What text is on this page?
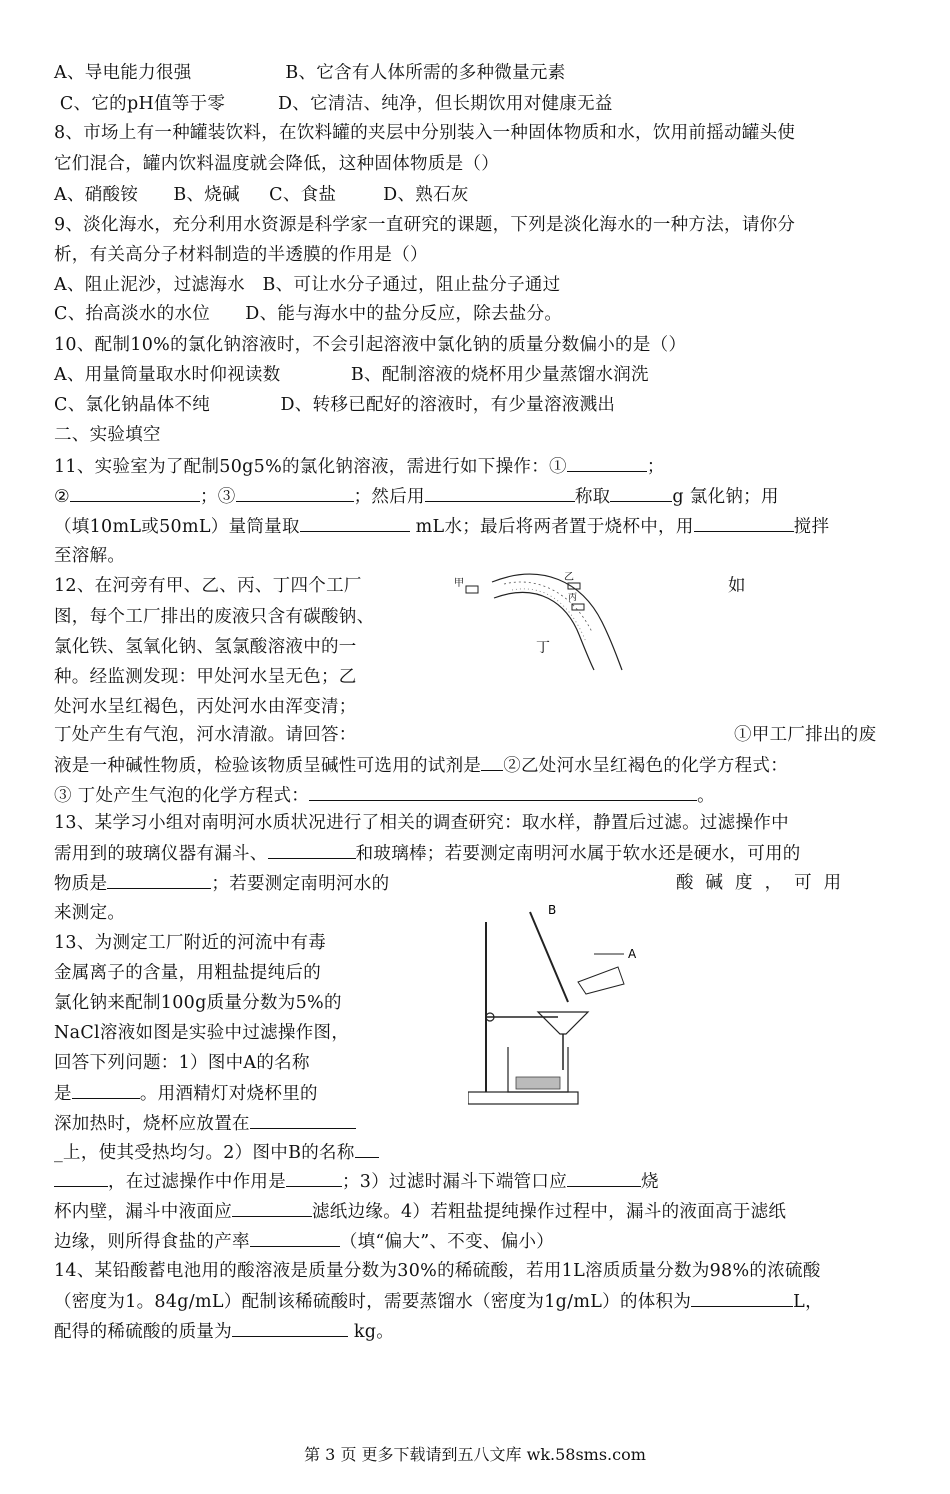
A、导电能力很强                B、它含有人体所需的多种微量元素
C、它的pH值等于零         D、它清洁、纯净，但长期饮用对健康无益
8、市场上有一种罐装饮料，在饮料罐的夹层中分别装入一种固体物质和水，饮用前摇动罐头使
它们混合，罐内饮料温度就会降低，这种固体物质是（）
A、硝酸铵      B、烧碱     C、食盐        D、熟石灰
9、淡化海水，充分利用水资源是科学家一直研究的课题，下列是淡化海水的一种方法，请你分
析，有关高分子材料制造的半透膜的作用是（）
A、阻止泥沙，过滤海水   B、可让水分子通过，阻止盐分子通过
C、抬高淡水的水位      D、能与海水中的盐分反应，除去盐分。
10、配制10%的氯化钠溶液时，不会引起溶液中氯化钠的质量分数偏小的是（）
A、用量筒量取水时仰视读数            B、配制溶液的烧杯用少量蒸馏水润洗
C、氯化钠晶体不纯            D、转移已配好的溶液时，有少量溶液溅出
二、实验填空
11、实验室为了配制50g5%的氯化钠溶液，需进行如下操作：①	；
②	；③	；然后用	称取	g 氯化钠；用
（填10mL或50mL）量筒量取	mL水；最后将两者置于烧杯中，用	搅拌
至溶解。
12、在河旁有甲、乙、丙、丁四个工厂	如
图，每个工厂排出的废液只含有碳酸钠、
氯化铁、氢氧化钠、氢氯酸溶液中的一
种。经监测发现：甲处河水呈无色；乙
处河水呈红褐色，丙处河水由浑变清；
丁处产生有气泡，河水清澈。请回答：	①甲工厂排出的废
液是一种碱性物质，检验该物质呈碱性可选用的试剂是 ②乙处河水呈红褐色的化学方程式：
③ 丁处产生气泡的化学方程式：	。
13、某学习小组对南明河水质状况进行了相关的调查研究：取水样，静置后过滤。过滤操作中
需用到的玻璃仪器有漏斗、	和玻璃棒；若要测定南明河水属于软水还是硬水，可用的
物质是	；若要测定南明河水的	酸  碱  度  ，  可  用
来测定。
13、为测定工厂附近的河流中有毒
金属离子的含量，用粗盐提纯后的
氯化钠来配制100g质量分数为5%的
NaCl溶液如图是实验中过滤操作图，
回答下列问题：1）图中A的名称
是	。用酒精灯对烧杯里的
深加热时，烧杯应放置在
_上，使其受热均匀。2）图中B的名称
，在过滤操作中作用是	；3）过滤时漏斗下端管口应	烧
杯内壁，漏斗中液面应	滤纸边缘。4）若粗盐提纯操作过程中，漏斗的液面高于滤纸
边缘，则所得食盐的产率	（填“偏大”、不变、偏小）
14、某铅酸蓄电池用的酸溶液是质量分数为30%的稀硫酸，若用1L溶质质量分数为98%的浓硫酸
（密度为1。84g/mL）配制该稀硫酸时，需要蒸馏水（密度为1g/mL）的体积为	L，
配得的稀硫酸的质量为	kg。
甲
乙
丙
丁
B
A
第 3 页 更多下载请到五八文库 wk.58sms.com
